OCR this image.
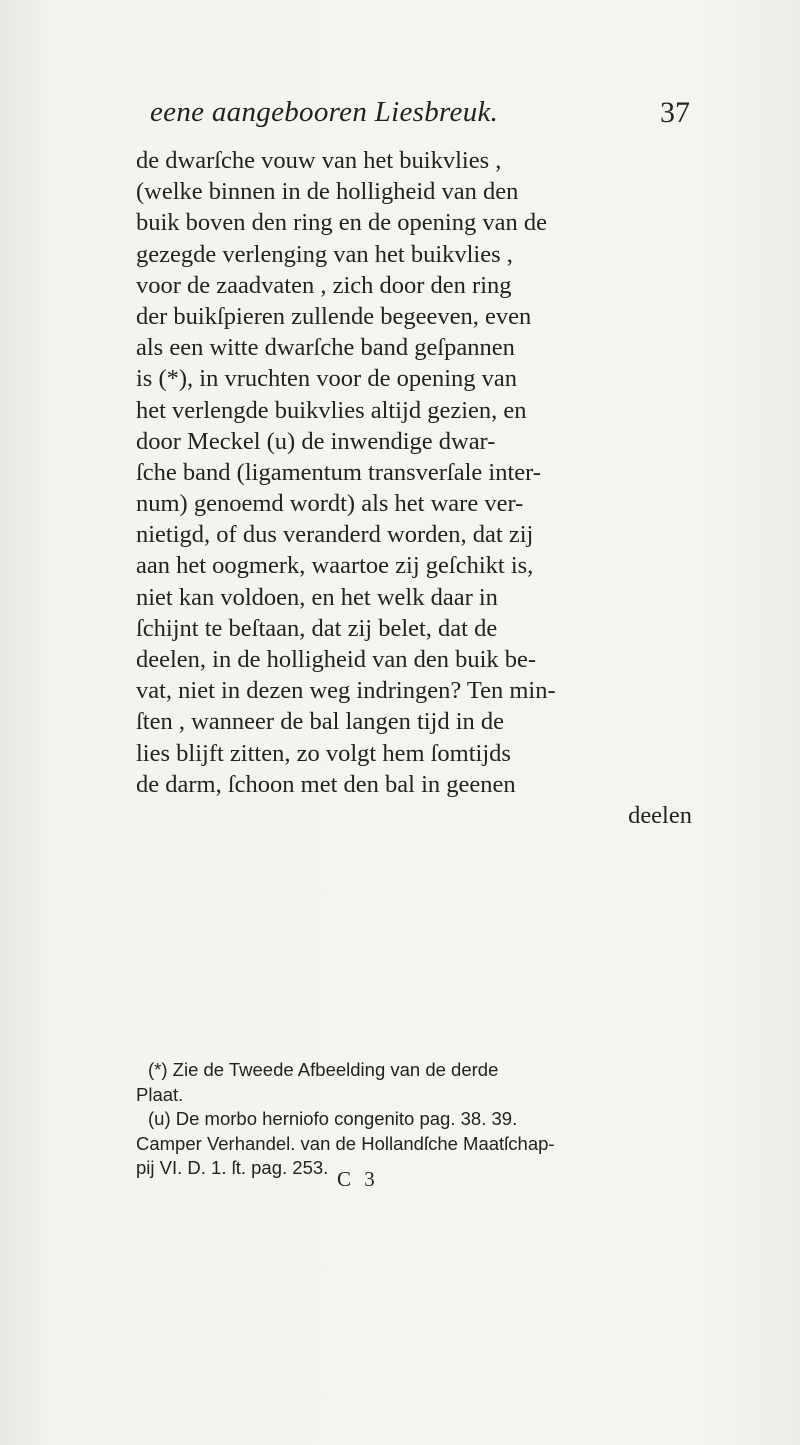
eene aangebooren Liesbreuk.	37
de dwarſche vouw van het buikvlies ,
(welke binnen in de holligheid van den
buik boven den ring en de opening van de
gezegde verlenging van het buikvlies ,
voor de zaadvaten , zich door den ring
der buikſpieren zullende begeeven, even
als een witte dwarſche band geſpannen
is (*), in vruchten voor de opening van
het verlengde buikvlies altijd gezien, en
door Meckel (u) de inwendige dwar-
ſche band (ligamentum transverſale inter-
num) genoemd wordt) als het ware ver-
nietigd, of dus veranderd worden, dat zij
aan het oogmerk, waartoe zij geſchikt is,
niet kan voldoen, en het welk daar in
ſchijnt te beſtaan, dat zij belet, dat de
deelen, in de holligheid van den buik be-
vat, niet in dezen weg indringen? Ten min-
ſten , wanneer de bal langen tijd in de
lies blijft zitten, zo volgt hem ſomtijds
de darm, ſchoon met den bal in geenen
deelen
(*) Zie de Tweede Afbeelding van de derde
Plaat.
(u) De morbo herniofo congenito pag. 38. 39.
Camper Verhandel. van de Hollandſche Maatſchap-
pij VI. D. 1. ſt. pag. 253. C 3
